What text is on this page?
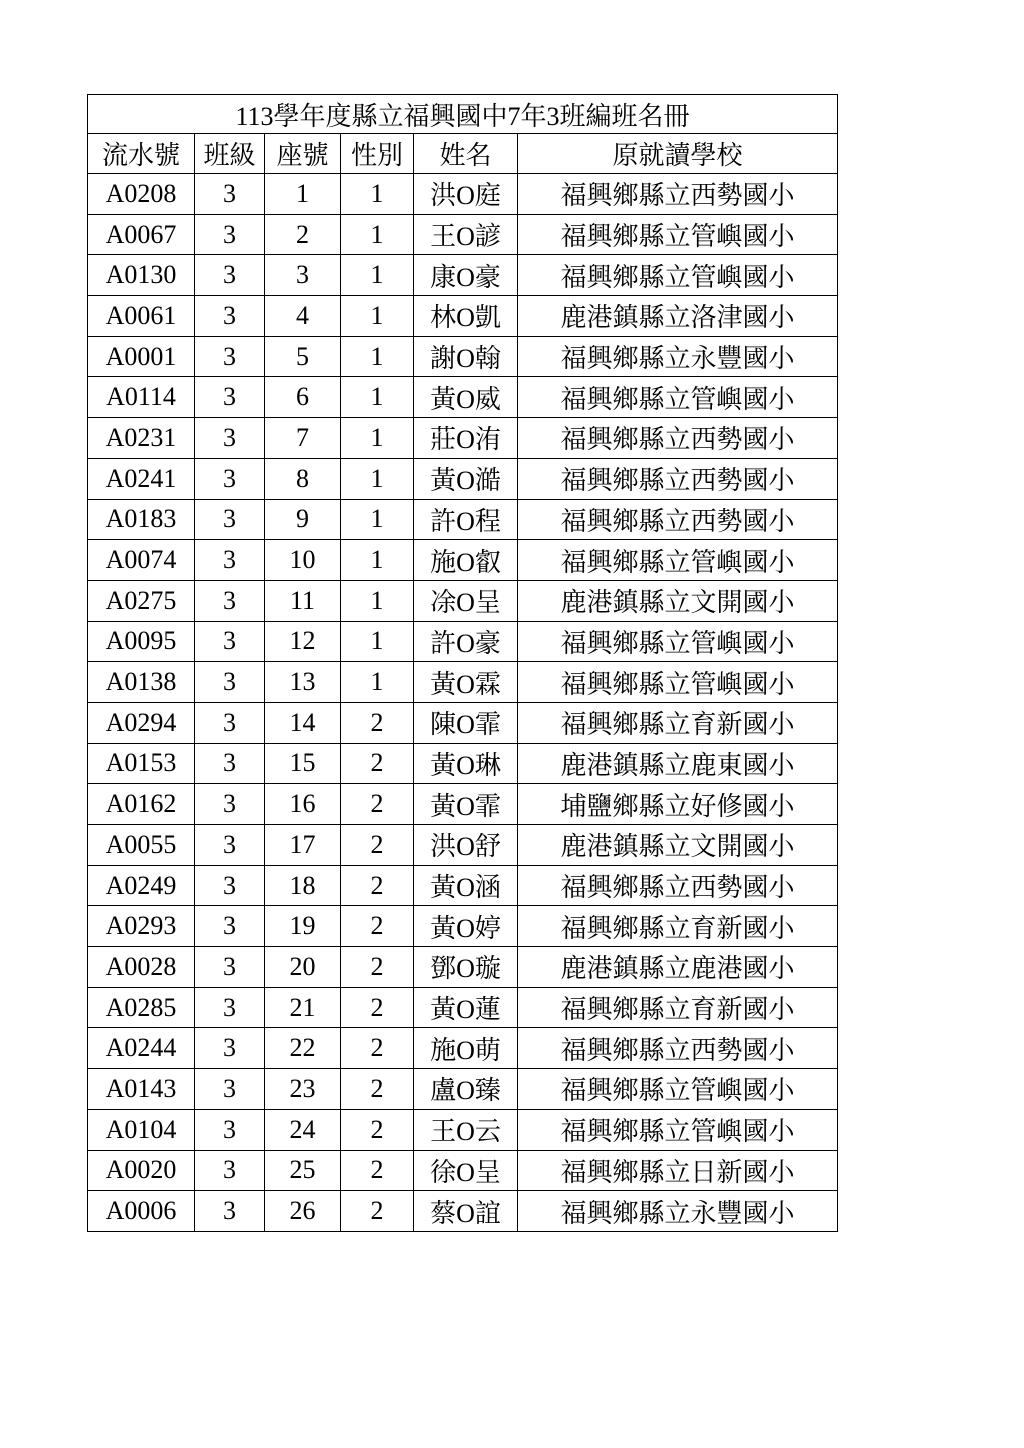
113學年度縣立福興國中7年3班編班名冊					
流水號	班級	座號	性別	姓名	原就讀學校
A0208	3	1	1	洪O庭	福興鄉縣立西勢國小
A0067	3	2	1	王O諺	福興鄉縣立管嶼國小
A0130	3	3	1	康O豪	福興鄉縣立管嶼國小
A0061	3	4	1	林O凱	鹿港鎮縣立洛津國小
A0001	3	5	1	謝O翰	福興鄉縣立永豐國小
A0114	3	6	1	黃O威	福興鄉縣立管嶼國小
A0231	3	7	1	莊O洧	福興鄉縣立西勢國小
A0241	3	8	1	黃O澔	福興鄉縣立西勢國小
A0183	3	9	1	許O程	福興鄉縣立西勢國小
A0074	3	10	1	施O叡	福興鄉縣立管嶼國小
A0275	3	11	1	凃O呈	鹿港鎮縣立文開國小
A0095	3	12	1	許O豪	福興鄉縣立管嶼國小
A0138	3	13	1	黃O霖	福興鄉縣立管嶼國小
A0294	3	14	2	陳O霏	福興鄉縣立育新國小
A0153	3	15	2	黃O琳	鹿港鎮縣立鹿東國小
A0162	3	16	2	黃O霏	埔鹽鄉縣立好修國小
A0055	3	17	2	洪O舒	鹿港鎮縣立文開國小
A0249	3	18	2	黃O涵	福興鄉縣立西勢國小
A0293	3	19	2	黃O婷	福興鄉縣立育新國小
A0028	3	20	2	鄧O璇	鹿港鎮縣立鹿港國小
A0285	3	21	2	黃O蓮	福興鄉縣立育新國小
A0244	3	22	2	施O萌	福興鄉縣立西勢國小
A0143	3	23	2	盧O臻	福興鄉縣立管嶼國小
A0104	3	24	2	王O云	福興鄉縣立管嶼國小
A0020	3	25	2	徐O呈	福興鄉縣立日新國小
A0006	3	26	2	蔡O誼	福興鄉縣立永豐國小
